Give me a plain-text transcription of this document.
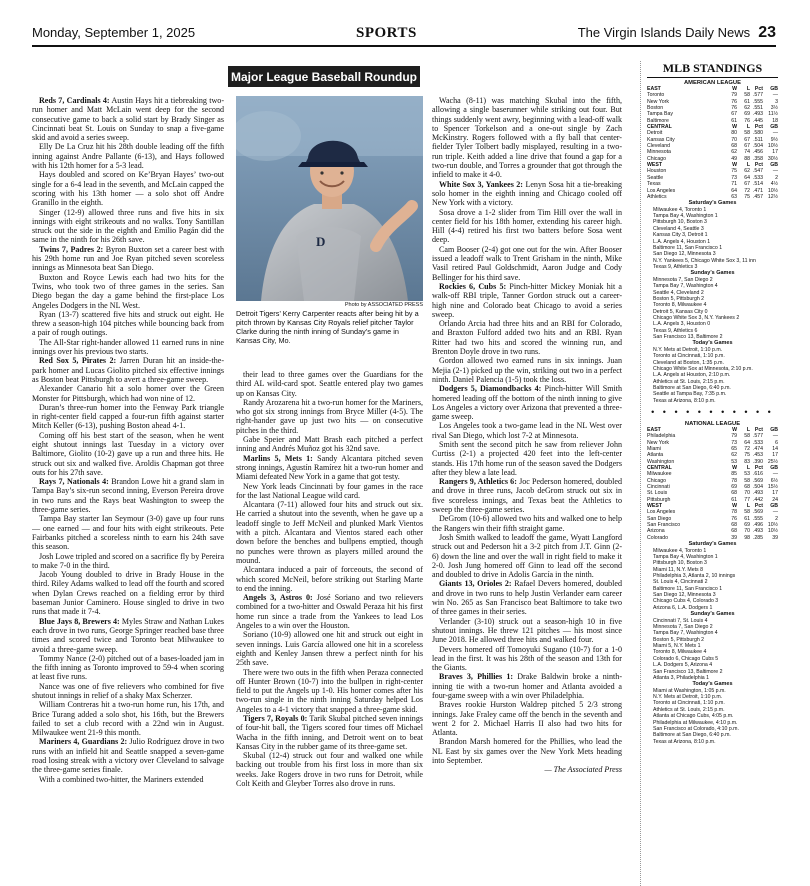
Monday, September 1, 2025	SPORTS	The Virgin Islands Daily News 23
Major League Baseball Roundup

Reds 7, Cardinals 4: Austin Hays hit a tiebreaking two-run homer and Matt McLain went deep for the second consecutive game to back a solid start by Brady Singer as Cincinnati beat St. Louis on Sunday to snap a five-game skid and avoid a series sweep.

Elly De La Cruz hit his 28th double leading off the fifth inning against Andre Pallante (6-13), and Hays followed with his 12th homer for a 5-3 lead.

Hays doubled and scored on Ke’Bryan Hayes’ two-out single for a 6-4 lead in the seventh, and McLain capped the scoring with his 13th homer — a solo shot off Andre Granillo in the eighth.

Singer (12-9) allowed three runs and five hits in six innings with eight strikeouts and no walks. Tony Santillan struck out the side in the eighth and Emilio Pagán did the same in the ninth for his 26th save.

Twins 7, Padres 2: Byron Buxton set a career best with his 29th home run and Joe Ryan pitched seven scoreless innings as Minnesota beat San Diego.

Buxton and Royce Lewis each had two hits for the Twins, who took two of three games in the series. San Diego began the day a game behind the first-place Los Angeles Dodgers in the NL West.

Ryan (13-7) scattered five hits and struck out eight. He threw a season-high 104 pitches while bouncing back from a pair of rough outings.

The All-Star right-hander allowed 11 earned runs in nine innings over his previous two starts.

Red Sox 5, Pirates 2: Jarren Duran hit an inside-the-park homer and Lucas Giolito pitched six effective innings as Boston beat Pittsburgh to avert a three-game sweep.

Alexander Canario hit a solo homer over the Green Monster for Pittsburgh, which had won nine of 12.

Duran’s three-run homer into the Fenway Park triangle in right-center field capped a four-run fifth against starter Mitch Keller (6-13), pushing Boston ahead 4-1.

Coming off his best start of the season, when he went eight shutout innings last Tuesday in a victory over Baltimore, Giolito (10-2) gave up a run and three hits. He struck out six and walked five. Aroldis Chapman got three outs for his 27th save.

Rays 7, Nationals 4: Brandon Lowe hit a grand slam in Tampa Bay’s six-run second inning, Everson Pereira drove in two runs and the Rays beat Washington to sweep the three-game series.

Tampa Bay starter Ian Seymour (3-0) gave up four runs — one earned — and four hits with eight strikeouts. Pete Fairbanks pitched a scoreless ninth to earn his 24th save this season.

Josh Lowe tripled and scored on a sacrifice fly by Pereira to make 7-0 in the third.

Jacob Young doubled to drive in Brady House in the third. Riley Adams walked to lead off the fourth and scored when Dylan Crews reached on a fielding error by third baseman Junior Caminero. House singled to drive in two runs that made it 7-4.

Blue Jays 8, Brewers 4: Myles Straw and Nathan Lukes each drove in two runs, George Springer reached base three times and scored twice and Toronto beat Milwaukee to avoid a three-game sweep.

Tommy Nance (2-0) pitched out of a bases-loaded jam in the fifth inning as Toronto improved to 59-4 when scoring at least five runs.

Nance was one of five relievers who combined for five shutout innings in relief of a shaky Max Scherzer.

William Contreras hit a two-run home run, his 17th, and Brice Turang added a solo shot, his 16th, but the Brewers failed to set a club record with a 22nd win in August. Milwaukee went 21-9 this month.

Mariners 4, Guardians 2: Julio Rodríguez drove in two runs with an infield hit and Seattle snapped a seven-game road losing streak with a victory over Cleveland to salvage the three-game series finale.

With a combined two-hitter, the Mariners extended

D
Photo by ASSOCIATED PRESS
Detroit Tigers’ Kerry Carpenter reacts after being hit by a pitch thrown by Kansas City Royals relief pitcher Taylor Clarke during the ninth inning of Sunday’s game in Kansas City, Mo.

their lead to three games over the Guardians for the third AL wild-card spot. Seattle entered play two games up on Kansas City.

Randy Arozarena hit a two-run homer for the Mariners, who got six strong innings from Bryce Miller (4-5). The right-hander gave up just two hits — on consecutive pitches in the third.

Gabe Speier and Matt Brash each pitched a perfect inning and Andrés Muñoz got his 32nd save.

Marlins 5, Mets 1: Sandy Alcantara pitched seven strong innings, Agustín Ramírez hit a two-run homer and Miami defeated New York in a game that got testy.

New York leads Cincinnati by four games in the race for the last National League wild card.

Alcantara (7-11) allowed four hits and struck out six. He carried a shutout into the seventh, when he gave up a leadoff single to Jeff McNeil and plunked Mark Vientos with a pitch. Alcantara and Vientos stared each other down before the benches and bullpens emptied, though no punches were thrown as players milled around the mound.

Alcantara induced a pair of forceouts, the second of which scored McNeil, before striking out Starling Marte to end the inning.

Angels 3, Astros 0: José Soriano and two relievers combined for a two-hitter and Oswald Peraza hit his first home run since a trade from the Yankees to lead Los Angeles to a win over the Houston.

Soriano (10-9) allowed one hit and struck out eight in seven innings. Luis García allowed one hit in a scoreless eighth and Kenley Jansen threw a perfect ninth for his 25th save.

There were two outs in the fifth when Peraza connected off Hunter Brown (10-7) into the bullpen in right-center field to put the Angels up 1-0. His homer comes after his two-run single in the ninth inning Saturday helped Los Angeles to a 4-1 victory that snapped a three-game skid.

Tigers 7, Royals 0: Tarik Skubal pitched seven innings of four-hit ball, the Tigers scored four times off Michael Wacha in the fifth inning, and Detroit went on to beat Kansas City in the rubber game of its three-game set.

Skubal (12-4) struck out four and walked one while backing out trouble from his first loss in more than six weeks. Jake Rogers drove in two runs for Detroit, while Colt Keith and Gleyber Torres also drove in runs.

Wacha (8-11) was matching Skubal into the fifth, allowing a single baserunner while striking out four. But things suddenly went awry, beginning with a lead-off walk to Spencer Torkelson and a one-out single by Zach McKinstry. Rogers followed with a fly ball that center-fielder Tyler Tolbert badly misplayed, resulting in a two-run triple. Keith added a line drive that found a gap for a two-run double, and Torres a grounder that got through the infield to make it 4-0.

White Sox 3, Yankees 2: Lenyn Sosa hit a tie-breaking solo homer in the eighth inning and Chicago cooled off New York with a victory.

Sosa drove a 1-2 slider from Tim Hill over the wall in center field for his 18th homer, extending his career high. Hill (4-4) retired his first two batters before Sosa went deep.

Cam Booser (2-4) got one out for the win. After Booser issued a leadoff walk to Trent Grisham in the ninth, Mike Vasil retired Paul Goldschmidt, Aaron Judge and Cody Bellinger for his third save.

Rockies 6, Cubs 5: Pinch-hitter Mickey Moniak hit a walk-off RBI triple, Tanner Gordon struck out a career-high nine and Colorado beat Chicago to avoid a series sweep.

Orlando Arcia had three hits and an RBI for Colorado, and Braxton Fulford added two hits and an RBI. Ryan Ritter had two hits and scored the winning run, and Brenton Doyle drove in two runs.

Gordon allowed two earned runs in six innings. Juan Mejia (2-1) picked up the win, striking out two in a perfect ninth. Daniel Palencia (1-5) took the loss.

Dodgers 5, Diamondbacks 4: Pinch-hitter Will Smith homered leading off the bottom of the ninth inning to give Los Angeles a victory over Arizona that prevented a three-game sweep.

Los Angeles took a two-game lead in the NL West over rival San Diego, which lost 7-2 at Minnesota.

Smith sent the second pitch he saw from reliever John Curtiss (2-1) a projected 420 feet into the left-center stands. His 17th home run of the season saved the Dodgers after they blew a late lead.

Rangers 9, Athletics 6: Joc Pederson homered, doubled and drove in three runs, Jacob deGrom struck out six in five scoreless innings, and Texas beat the Athletics to sweep the three-game series.

DeGrom (10-6) allowed two hits and walked one to help the Rangers win their fifth straight game.

Josh Smith walked to leadoff the game, Wyatt Langford struck out and Pederson hit a 3-2 pitch from J.T. Ginn (2-6) down the line and over the wall in right field to make it 2-0. Josh Jung homered off Ginn to lead off the second and doubled to drive in Adolis García in the ninth.

Giants 13, Orioles 2: Rafael Devers homered, doubled and drove in two runs to help Justin Verlander earn career win No. 265 as San Francisco beat Baltimore to take two of three games in their series.

Verlander (3-10) struck out a season-high 10 in five shutout innings. He threw 121 pitches — his most since June 2018. He allowed three hits and walked four.

Devers homered off Tomoyuki Sugano (10-7) for a 1-0 lead in the first. It was his 28th of the season and 13th for the Giants.

Braves 3, Phillies 1: Drake Baldwin broke a ninth-inning tie with a two-run homer and Atlanta avoided a four-game sweep with a win over Philadelphia.

Braves rookie Hurston Waldrep pitched 5 2/3 strong innings. Jake Fraley came off the bench in the seventh and went 2 for 2. Michael Harris II also had two hits for Atlanta.

Brandon Marsh homered for the Phillies, who lead the NL East by six games over the New York Mets heading into September.

— The Associated Press

MLB STANDINGS
AMERICAN LEAGUE
EAST	W	L Pct	GB
Toronto	79	58 .577	—
New York	76	61 .555	3
Boston	76	62 .551	3½
Tampa Bay	67	69 .493	11½
Baltimore	61	76 .445	18
CENTRAL	W	L Pct	GB
Detroit	80	58 .580	—
Kansas City	70	67 .511	9½
Cleveland	68	67 .504 10½
Minnesota	62	74 .456	17
Chicago	49	88 .358 30½
WEST	W	L Pct	GB
Houston	75	62 .547	—
Seattle	73	64 .533	2
Texas	71	67 .514	4½
Los Angeles	64	72 .471 10½
Athletics	63	75 .457 12½
Saturday’s Games
Milwaukee 4, Toronto 1
Tampa Bay 4, Washington 1
Pittsburgh 10, Boston 3
Cleveland 4, Seattle 3
Kansas City 3, Detroit 1
L.A. Angels 4, Houston 1
Baltimore 11, San Francisco 1
San Diego 12, Minnesota 3
N.Y. Yankees 5, Chicago White Sox 3, 11 inn
Texas 9, Athletics 3
Sunday’s Games
Minnesota 7, San Diego 2
Tampa Bay 7, Washington 4
Seattle 4, Cleveland 2
Boston 5, Pittsburgh 2
Toronto 8, Milwaukee 4
Detroit 5, Kansas City 0
Chicago White Sox 3, N.Y. Yankees 2
L.A. Angels 3, Houston 0
Texas 9, Athletics 6
San Francisco 13, Baltimore 2
Today’s Games
N.Y. Mets at Detroit, 1:10 p.m.
Toronto at Cincinnati, 1:10 p.m.
Cleveland at Boston, 1:35 p.m.
Chicago White Sox at Minnesota, 2:10 p.m.
L.A. Angels at Houston, 2:10 p.m.
Athletics at St. Louis, 2:15 p.m.
Baltimore at San Diego, 6:40 p.m.
Seattle at Tampa Bay, 7:35 p.m.
Texas at Arizona, 8:10 p.m.
• • • • • • • • • • •
NATIONAL LEAGUE
EAST	W	L Pct	GB
Philadelphia	79	58 .577	—
New York	73	64 .533	6
Miami	65	72 .474	14
Atlanta	62	75 .453	17
Washington	53	83 .390 25½
CENTRAL	W	L Pct	GB
Milwaukee	85	53 .616	—
Chicago	78	58 .569	6½
Cincinnati	69	68 .504 15½
St. Louis	68	70 .493	17
Pittsburgh	61	77 .442	24
WEST	W	L Pct	GB
Los Angeles	78	58 .569	—
San Diego	76	61 .555	2
San Francisco	68	69 .496 10½
Arizona	68	70 .493 10½
Colorado	39	98 .285	39
Saturday’s Games
Milwaukee 4, Toronto 1
Tampa Bay 4, Washington 1
Pittsburgh 10, Boston 3
Miami 11, N.Y. Mets 8
Philadelphia 3, Atlanta 2, 10 innings
St. Louis 4, Cincinnati 2
Baltimore 11, San Francisco 1
San Diego 12, Minnesota 3
Chicago Cubs 4, Colorado 3
Arizona 6, L.A. Dodgers 1
Sunday’s Games
Cincinnati 7, St. Louis 4
Minnesota 7, San Diego 2
Tampa Bay 7, Washington 4
Boston 5, Pittsburgh 2
Miami 5, N.Y. Mets 1
Toronto 8, Milwaukee 4
Colorado 6, Chicago Cubs 5
L.A. Dodgers 5, Arizona 4
San Francisco 13, Baltimore 2
Atlanta 3, Philadelphia 1
Today’s Games
Miami at Washington, 1:05 p.m.
N.Y. Mets at Detroit, 1:10 p.m.
Toronto at Cincinnati, 1:10 p.m.
Athletics at St. Louis, 2:15 p.m.
Atlanta at Chicago Cubs, 4:05 p.m.
Philadelphia at Milwaukee, 4:10 p.m.
San Francisco at Colorado, 4:10 p.m.
Baltimore at San Diego, 6:40 p.m.
Texas at Arizona, 8:10 p.m.
